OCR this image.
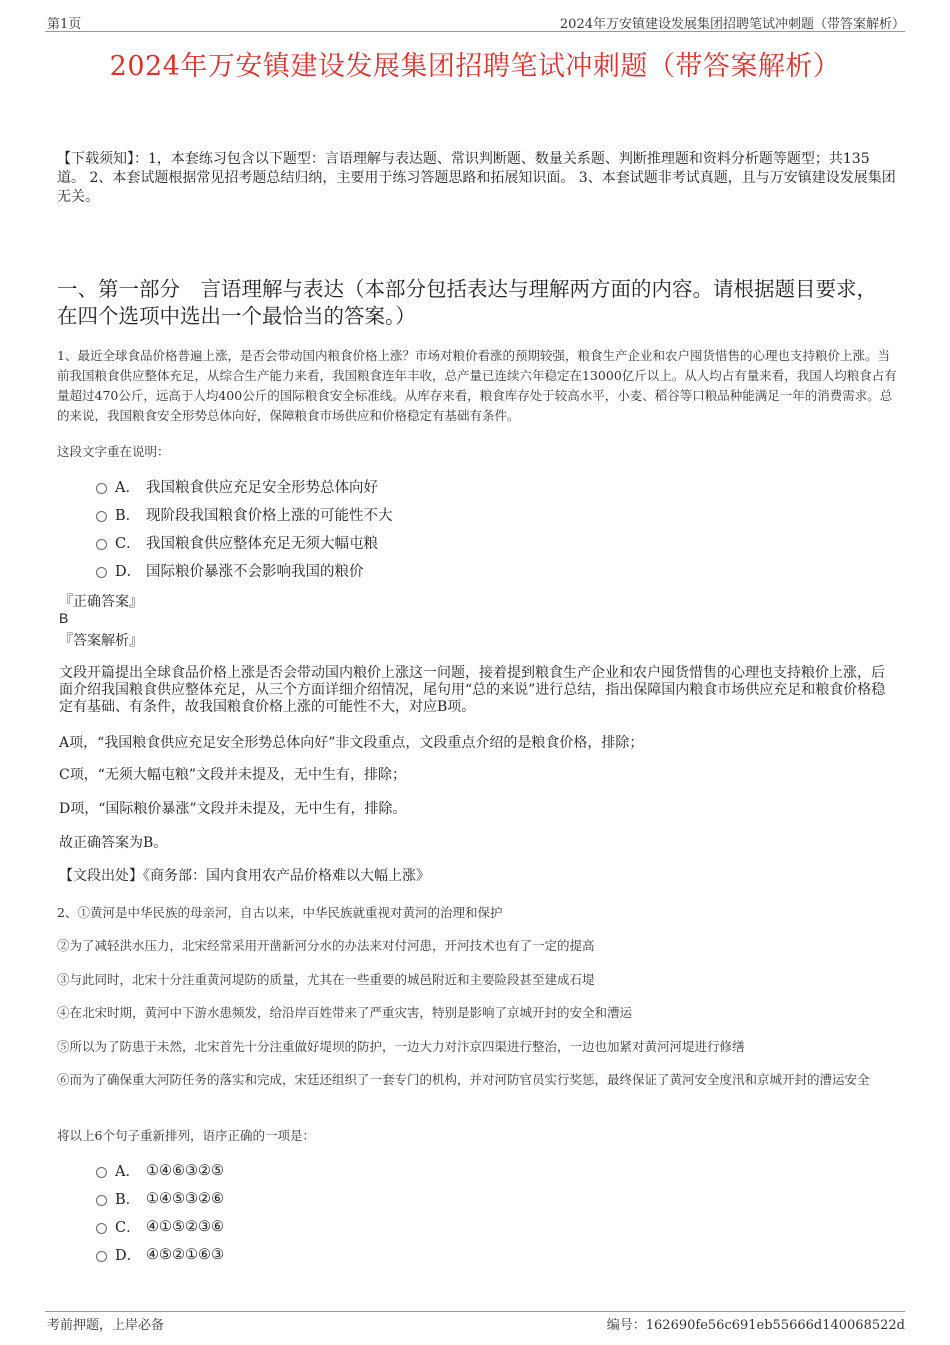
第1页	2024年万安镇建设发展集团招聘笔试冲刺题（带答案解析）
2024年万安镇建设发展集团招聘笔试冲刺题（带答案解析）
【下载须知】：1，本套练习包含以下题型：言语理解与表达题、常识判断题、数量关系题、判断推理题和资料分析题等题型；共135道。 2、本套试题根据常见招考题总结归纳，主要用于练习答题思路和拓展知识面。 3、本套试题非考试真题，且与万安镇建设发展集团无关。
一、第一部分　言语理解与表达（本部分包括表达与理解两方面的内容。请根据题目要求，在四个选项中选出一个最恰当的答案。）
1、最近全球食品价格普遍上涨，是否会带动国内粮食价格上涨？市场对粮价看涨的预期较强，粮食生产企业和农户囤货惜售的心理也支持粮价上涨。当前我国粮食供应整体充足，从综合生产能力来看，我国粮食连年丰收，总产量已连续六年稳定在13000亿斤以上。从人均占有量来看，我国人均粮食占有量超过470公斤，远高于人均400公斤的国际粮食安全标准线。从库存来看，粮食库存处于较高水平，小麦、稻谷等口粮品种能满足一年的消费需求。总的来说，我国粮食安全形势总体向好，保障粮食市场供应和价格稳定有基础有条件。
这段文字重在说明：
A． 我国粮食供应充足安全形势总体向好
B． 现阶段我国粮食价格上涨的可能性不大
C． 我国粮食供应整体充足无须大幅屯粮
D． 国际粮价暴涨不会影响我国的粮价
『正确答案』
B
『答案解析』
文段开篇提出全球食品价格上涨是否会带动国内粮价上涨这一问题，接着提到粮食生产企业和农户囤货惜售的心理也支持粮价上涨，后面介绍我国粮食供应整体充足，从三个方面详细介绍情况，尾句用“总的来说”进行总结，指出保障国内粮食市场供应充足和粮食价格稳定有基础、有条件，故我国粮食价格上涨的可能性不大，对应B项。
A项，“我国粮食供应充足安全形势总体向好”非文段重点，文段重点介绍的是粮食价格，排除；
C项，“无须大幅屯粮”文段并未提及，无中生有，排除；
D项，“国际粮价暴涨”文段并未提及，无中生有，排除。
故正确答案为B。
【文段出处】《商务部：国内食用农产品价格难以大幅上涨》
2、①黄河是中华民族的母亲河，自古以来，中华民族就重视对黄河的治理和保护
②为了减轻洪水压力，北宋经常采用开凿新河分水的办法来对付河患，开河技术也有了一定的提高
③与此同时，北宋十分注重黄河堤防的质量，尤其在一些重要的城邑附近和主要险段甚至建成石堤
④在北宋时期，黄河中下游水患频发，给沿岸百姓带来了严重灾害，特别是影响了京城开封的安全和漕运
⑤所以为了防患于未然，北宋首先十分注重做好堤坝的防护，一边大力对汴京四渠进行整治，一边也加紧对黄河河堤进行修缮
⑥而为了确保重大河防任务的落实和完成，宋廷还组织了一套专门的机构，并对河防官员实行奖惩，最终保证了黄河安全度汛和京城开封的漕运安全
将以上6个句子重新排列，语序正确的一项是：
A． ①④⑥③②⑤
B． ①④⑤③②⑥
C． ④①⑤②③⑥
D． ④⑤②①⑥③
考前押题，上岸必备	编号：162690fe56c691eb55666d140068522d
